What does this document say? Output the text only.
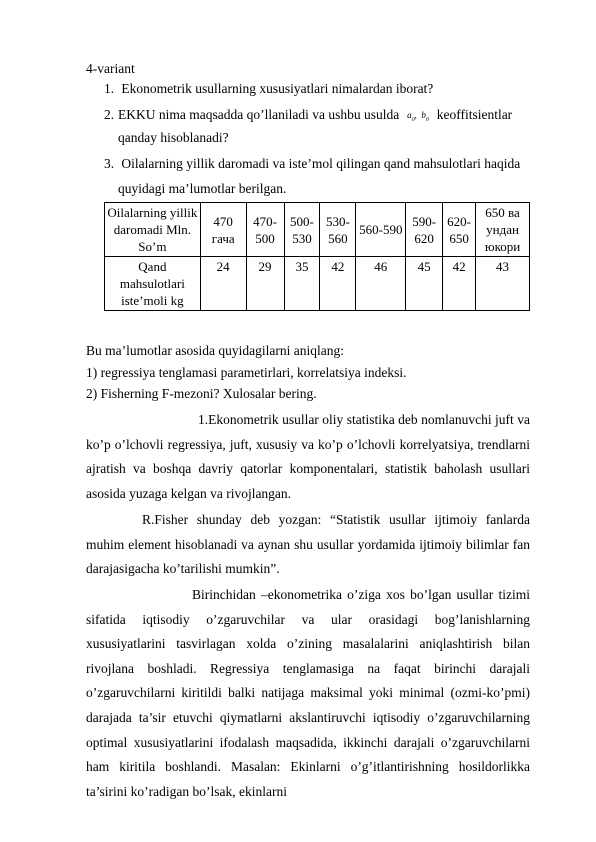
4-variant
1. Ekonometrik usullarning xususiyatlari nimalardan iborat?
2. EKKU nima maqsadda qo’llaniladi va ushbu usulda $a_0$, $b_0$ keoffitsientlar
qanday hisoblanadi?
3. Oilalarning yillik daromadi va iste’mol qilingan qand mahsulotlari haqida
quyidagi ma’lumotlar berilgan.
Oilalarning yillik daromadi Mln. So’m	470 гача	470-500	500-530	530-560	560-590	590-620	620-650	650 ва ундан юкори
Qand mahsulotlari iste’moli kg	24	29	35	42	46	45	42	43
Bu ma’lumotlar asosida quyidagilarni aniqlang:
1) regressiya tenglamasi parametirlari, korrelatsiya indeksi.
2) Fisherning F-mezoni? Xulosalar bering.
1.Ekonometrik usullar oliy statistika deb nomlanuvchi juft va ko’p o’lchovli regressiya, juft, xususiy va ko’p o’lchovli korrelyatsiya, trendlarni ajratish va boshqa davriy qatorlar komponentalari, statistik baholash usullari asosida yuzaga kelgan va rivojlangan.
R.Fisher shunday deb yozgan: “Statistik usullar ijtimoiy fanlarda muhim element hisoblanadi va aynan shu usullar yordamida ijtimoiy bilimlar fan darajasigacha ko’tarilishi mumkin”.
Birinchidan –ekonometrika o’ziga xos bo’lgan usullar tizimi sifatida iqtisodiy o’zgaruvchilar va ular orasidagi bog’lanishlarning xususiyatlarini tasvirlagan xolda o’zining masalalarini aniqlashtirish bilan rivojlana boshladi. Regressiya tenglamasiga na faqat birinchi darajali o’zgaruvchilarni kiritildi balki natijaga maksimal yoki minimal (ozmi-ko’pmi) darajada ta’sir etuvchi qiymatlarni akslantiruvchi iqtisodiy o’zgaruvchilarning optimal xususiyatlarini ifodalash maqsadida, ikkinchi darajali o’zgaruvchilarni ham kiritila boshlandi. Masalan: Ekinlarni o’g’itlantirishning hosildorlikka ta’sirini ko’radigan bo’lsak, ekinlarni
